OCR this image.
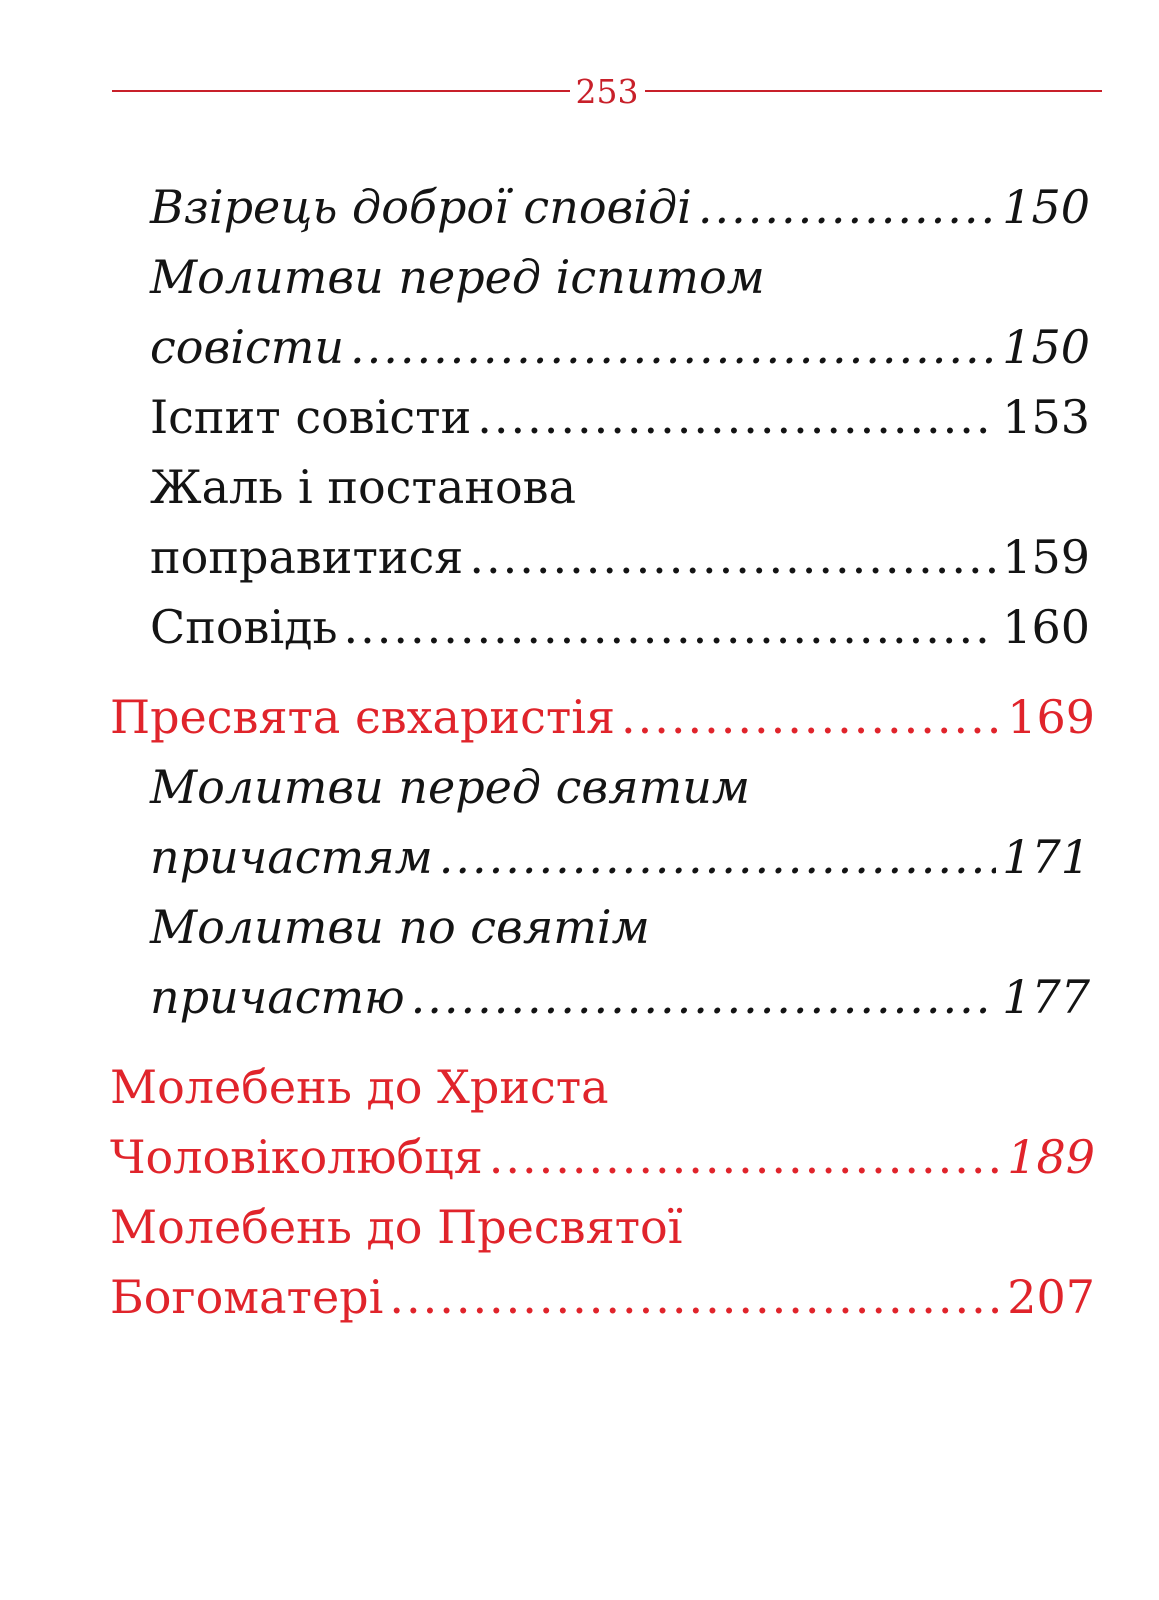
253
Взірець доброї сповіді .....	150
Молитви перед іспитом
совісти .....	150
Іспит совісти .....	153
Жаль і постанова
поправитися .....	159
Сповідь .....	160
Пресвята євхаристія .....	169
Молитви перед святим
причастям .....	171
Молитви по святім
причастю .....	177
Молебень до Христа
Чоловіколюбця .....	189
Молебень до Пресвятої
Богоматері .....	207
